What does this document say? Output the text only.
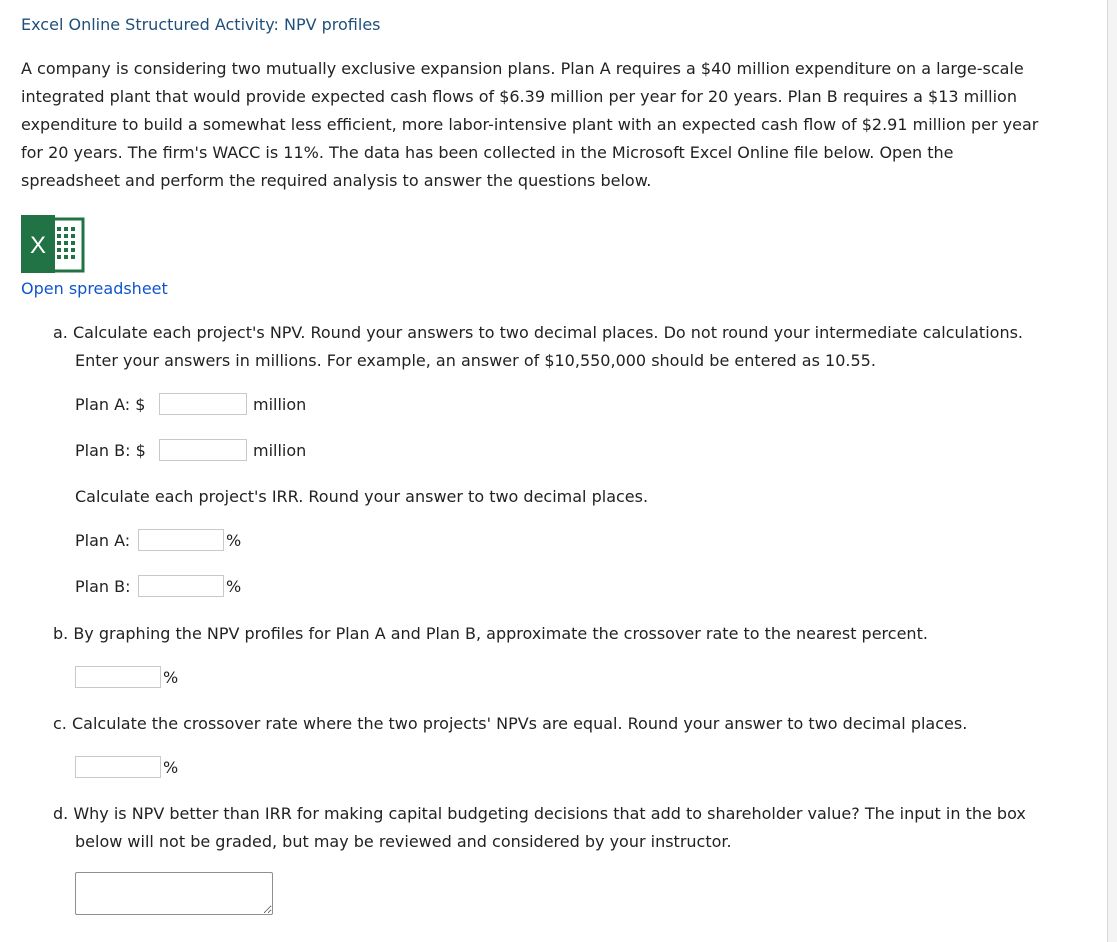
Excel Online Structured Activity: NPV profiles

A company is considering two mutually exclusive expansion plans. Plan A requires a $40 million expenditure on a large-scale
integrated plant that would provide expected cash flows of $6.39 million per year for 20 years. Plan B requires a $13 million
expenditure to build a somewhat less efficient, more labor-intensive plant with an expected cash flow of $2.91 million per year
for 20 years. The firm's WACC is 11%. The data has been collected in the Microsoft Excel Online file below. Open the
spreadsheet and perform the required analysis to answer the questions below.

X
Open spreadsheet

a. Calculate each project's NPV. Round your answers to two decimal places. Do not round your intermediate calculations.
Enter your answers in millions. For example, an answer of $10,550,000 should be entered as 10.55.

Plan A: $	million
Plan B: $	million
Calculate each project's IRR. Round your answer to two decimal places.
Plan A:	%
Plan B:	%
b. By graphing the NPV profiles for Plan A and Plan B, approximate the crossover rate to the nearest percent.
%
c. Calculate the crossover rate where the two projects' NPVs are equal. Round your answer to two decimal places.
%

d. Why is NPV better than IRR for making capital budgeting decisions that add to shareholder value? The input in the box
below will not be graded, but may be reviewed and considered by your instructor.
